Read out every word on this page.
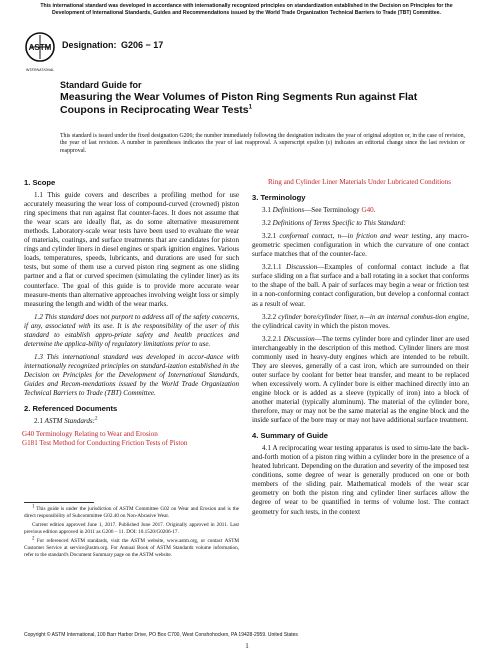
This international standard was developed in accordance with internationally recognized principles on standardization established in the Decision on Principles for the Development of International Standards, Guides and Recommendations issued by the World Trade Organization Technical Barriers to Trade (TBT) Committee.
ASTM
INTERNATIONAL
Designation: G206 − 17
Standard Guide for
Measuring the Wear Volumes of Piston Ring Segments Run against Flat Coupons in Reciprocating Wear Tests$^1$
This standard is issued under the fixed designation G206; the number immediately following the designation indicates the year of original adoption or, in the case of revision, the year of last revision. A number in parentheses indicates the year of last reapproval. A superscript epsilon (ε) indicates an editorial change since the last revision or reapproval.
1. Scope

1.1 This guide covers and describes a profiling method for use accurately measuring the wear loss of compound-curved (crowned) piston ring specimens that run against flat counter-faces. It does not assume that the wear scars are ideally flat, as do some alternative measurement methods. Laboratory-scale wear tests have been used to evaluate the wear of materials, coatings, and surface treatments that are candidates for piston rings and cylinder liners in diesel engines or spark ignition engines. Various loads, temperatures, speeds, lubricants, and durations are used for such tests, but some of them use a curved piston ring segment as one sliding partner and a flat or curved specimen (simulating the cylinder liner) as its counterface. The goal of this guide is to provide more accurate wear measure-ments than alternative approaches involving weight loss or simply measuring the length and width of the wear marks.

1.2 This standard does not purport to address all of the safety concerns, if any, associated with its use. It is the responsibility of the user of this standard to establish appro-priate safety and health practices and determine the applica-bility of regulatory limitations prior to use.

1.3 This international standard was developed in accor-dance with internationally recognized principles on standard-ization established in the Decision on Principles for the Development of International Standards, Guides and Recom-mendations issued by the World Trade Organization Technical Barriers to Trade (TBT) Committee.

2. Referenced Documents

2.1 ASTM Standards:$^2$

G40 Terminology Relating to Wear and Erosion

G181 Test Method for Conducting Friction Tests of Piston

$^1$ This guide is under the jurisdiction of ASTM Committee G02 on Wear and Erosion and is the direct responsibility of Subcommittee G02.40 on Non-Abrasive Wear.

Current edition approved June 1, 2017. Published June 2017. Originally approved in 2011. Last previous edition approved in 2011 as G206 – 11. DOI: 10.1520/G0206-17.

$^2$ For referenced ASTM standards, visit the ASTM website, www.astm.org, or contact ASTM Customer Service at service@astm.org. For Annual Book of ASTM Standards volume information, refer to the standard's Document Summary page on the ASTM website.

Ring and Cylinder Liner Materials Under Lubricated Conditions

3. Terminology

3.1 Definitions—See Terminology G40.

3.2 Definitions of Terms Specific to This Standard:

3.2.1 conformal contact, n—in friction and wear testing, any macro-geometric specimen configuration in which the curvature of one contact surface matches that of the counter-face.

3.2.1.1 Discussion—Examples of conformal contact include a flat surface sliding on a flat surface and a ball rotating in a socket that conforms to the shape of the ball. A pair of surfaces may begin a wear or friction test in a non-conforming contact configuration, but develop a conformal contact as a result of wear.

3.2.2 cylinder bore/cylinder liner, n—in an internal combus-tion engine, the cylindrical cavity in which the piston moves.

3.2.2.1 Discussion—The terms cylinder bore and cylinder liner are used interchangeably in the description of this method. Cylinder liners are most commonly used in heavy-duty engines which are intended to be rebuilt. They are sleeves, generally of a cast iron, which are surrounded on their outer surface by coolant for better heat transfer, and meant to be replaced when excessively worn. A cylinder bore is either machined directly into an engine block or is added as a sleeve (typically of iron) into a block of another material (typically aluminum). The material of the cylinder bore, therefore, may or may not be the same material as the engine block and the inside surface of the bore may or may not have additional surface treatment.

4. Summary of Guide

4.1 A reciprocating wear testing apparatus is used to simu-late the back-and-forth motion of a piston ring within a cylinder bore in the presence of a heated lubricant. Depending on the duration and severity of the imposed test conditions, some degree of wear is generally produced on one or both members of the sliding pair. Mathematical models of the wear scar geometry on both the piston ring and cylinder liner surfaces allow the degree of wear to be quantified in terms of volume lost. The contact geometry for such tests, in the context

Copyright © ASTM International, 100 Barr Harbor Drive, PO Box C700, West Conshohocken, PA 19428-2959. United States
1
